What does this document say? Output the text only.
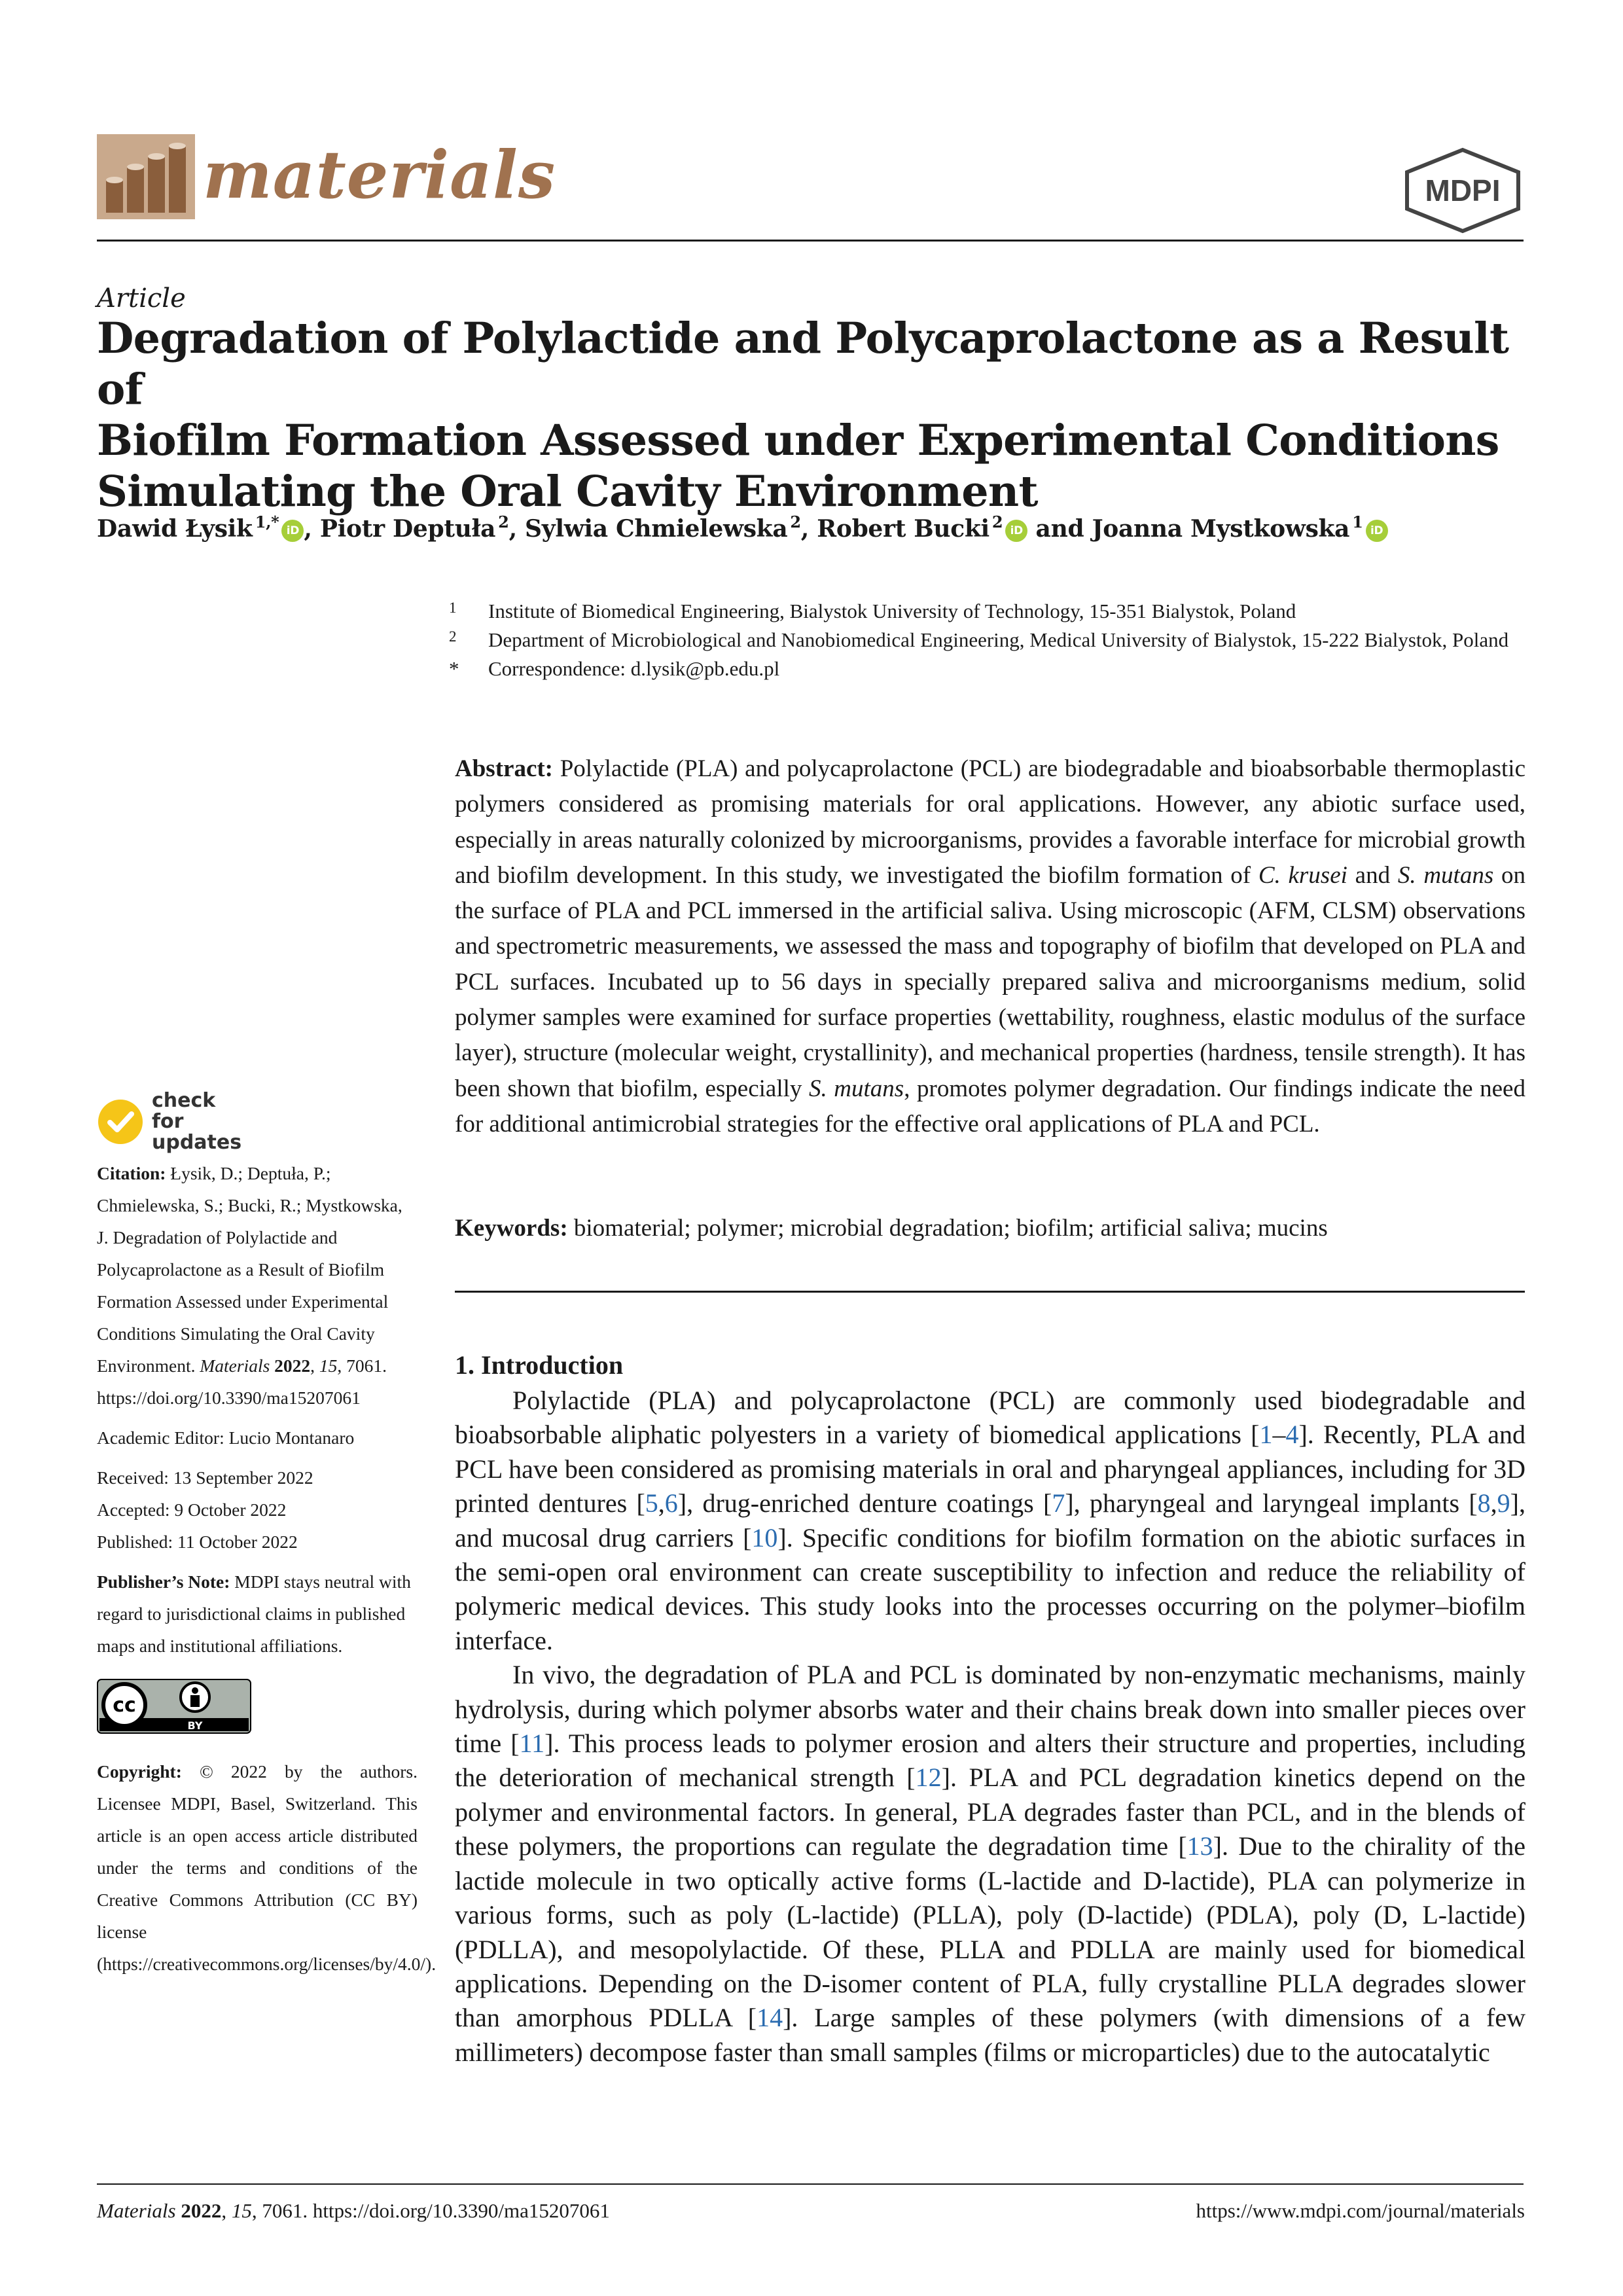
materials	MDPI
Article
Degradation of Polylactide and Polycaprolactone as a Result of
Biofilm Formation Assessed under Experimental Conditions
Simulating the Oral Cavity Environment
Dawid Łysik $^{1,*}$ iD , Piotr Deptuła $^2$, Sylwia Chmielewska $^2$, Robert Bucki $^2$ iD and Joanna Mystkowska $^1$ iD
1	Institute of Biomedical Engineering, Bialystok University of Technology, 15-351 Bialystok, Poland
2	Department of Microbiological and Nanobiomedical Engineering, Medical University of Bialystok, 15-222 Bialystok, Poland
*	Correspondence: d.lysik@pb.edu.pl
Abstract: Polylactide (PLA) and polycaprolactone (PCL) are biodegradable and bioabsorbable thermoplastic polymers considered as promising materials for oral applications. However, any abiotic surface used, especially in areas naturally colonized by microorganisms, provides a favorable interface for microbial growth and biofilm development. In this study, we investigated the biofilm formation of C. krusei and S. mutans on the surface of PLA and PCL immersed in the artificial saliva. Using microscopic (AFM, CLSM) observations and spectrometric measurements, we assessed the mass and topography of biofilm that developed on PLA and PCL surfaces. Incubated up to 56 days in specially prepared saliva and microorganisms medium, solid polymer samples were examined for surface properties (wettability, roughness, elastic modulus of the surface layer), structure (molecular weight, crystallinity), and mechanical properties (hardness, tensile strength). It has been shown that biofilm, especially S. mutans, promotes polymer degradation. Our findings indicate the need for additional antimicrobial strategies for the effective oral applications of PLA and PCL.
Keywords: biomaterial; polymer; microbial degradation; biofilm; artificial saliva; mucins
1. Introduction

Polylactide (PLA) and polycaprolactone (PCL) are commonly used biodegradable and bioabsorbable aliphatic polyesters in a variety of biomedical applications [1–4]. Recently, PLA and PCL have been considered as promising materials in oral and pharyngeal appliances, including for 3D printed dentures [5,6], drug-enriched denture coatings [7], pharyngeal and laryngeal implants [8,9], and mucosal drug carriers [10]. Specific conditions for biofilm formation on the abiotic surfaces in the semi-open oral environment can create susceptibility to infection and reduce the reliability of polymeric medical devices. This study looks into the processes occurring on the polymer–biofilm interface.

In vivo, the degradation of PLA and PCL is dominated by non-enzymatic mechanisms, mainly hydrolysis, during which polymer absorbs water and their chains break down into smaller pieces over time [11]. This process leads to polymer erosion and alters their structure and properties, including the deterioration of mechanical strength [12]. PLA and PCL degradation kinetics depend on the polymer and environmental factors. In general, PLA degrades faster than PCL, and in the blends of these polymers, the proportions can regulate the degradation time [13]. Due to the chirality of the lactide molecule in two optically active forms (L-lactide and D-lactide), PLA can polymerize in various forms, such as poly (L-lactide) (PLLA), poly (D-lactide) (PDLA), poly (D, L-lactide) (PDLLA), and mesopolylactide. Of these, PLLA and PDLLA are mainly used for biomedical applications. Depending on the D-isomer content of PLA, fully crystalline PLLA degrades slower than amorphous PDLLA [14]. Large samples of these polymers (with dimensions of a few millimeters) decompose faster than small samples (films or microparticles) due to the autocatalytic

check for updates
Citation: Łysik, D.; Deptuła, P.; Chmielewska, S.; Bucki, R.; Mystkowska, J. Degradation of Polylactide and Polycaprolactone as a Result of Biofilm Formation Assessed under Experimental Conditions Simulating the Oral Cavity Environment. Materials 2022, 15, 7061. https://doi.org/10.3390/ma15207061
Academic Editor: Lucio Montanaro
Received: 13 September 2022
Accepted: 9 October 2022
Published: 11 October 2022
Publisher’s Note: MDPI stays neutral with regard to jurisdictional claims in published maps and institutional affiliations.
cc
BY
Copyright: © 2022 by the authors. Licensee MDPI, Basel, Switzerland. This article is an open access article distributed under the terms and conditions of the Creative Commons Attribution (CC BY) license (https://creativecommons.org/licenses/by/4.0/).
Materials 2022, 15, 7061. https://doi.org/10.3390/ma15207061	https://www.mdpi.com/journal/materials
